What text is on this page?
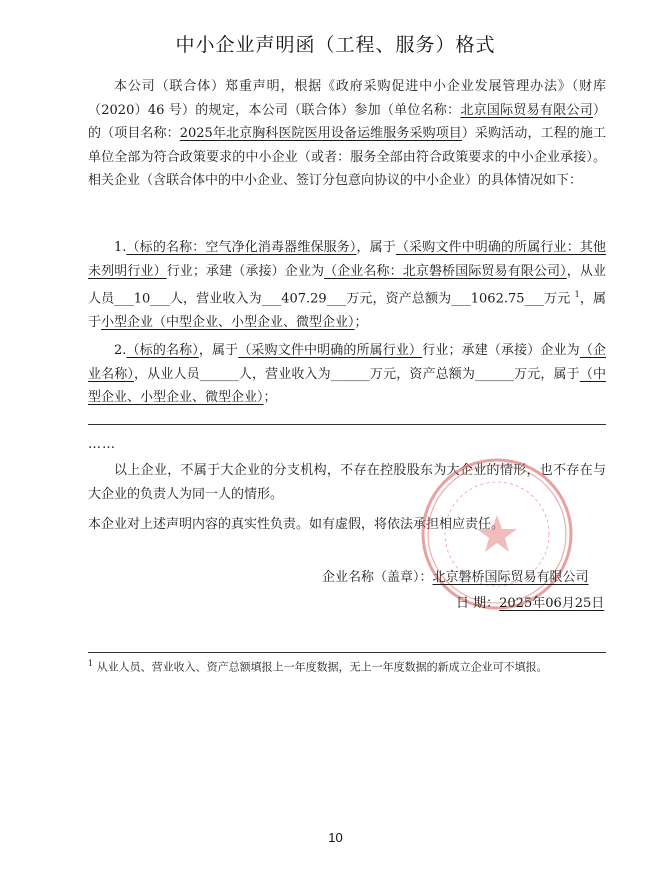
中小企业声明函（工程、服务）格式
本公司（联合体）郑重声明，根据《政府采购促进中小企业发展管理办法》（财库（2020）46 号）的规定，本公司（联合体）参加（单位名称：北京国际贸易有限公司）的（项目名称：2025年北京胸科医院医用设备运维服务采购项目）采购活动，工程的施工单位全部为符合政策要求的中小企业（或者：服务全部由符合政策要求的中小企业承接）。相关企业（含联合体中的中小企业、签订分包意向协议的中小企业）的具体情况如下：
1.（标的名称：空气净化消毒器维保服务），属于（采购文件中明确的所属行业：其他未列明行业）行业；承建（承接）企业为（企业名称：北京磐桥国际贸易有限公司），从业人员___10___人，营业收入为___407.29___万元，资产总额为___1062.75___万元 $^1$，属于小型企业（中型企业、小型企业、微型企业）；
2.（标的名称），属于（采购文件中明确的所属行业）行业；承建（承接）企业为（企业名称），从业人员______人，营业收入为______万元，资产总额为______万元，属于（中型企业、小型企业、微型企业）；
……
以上企业，不属于大企业的分支机构，不存在控股股东为大企业的情形，也不存在与大企业的负责人为同一人的情形。
本企业对上述声明内容的真实性负责。如有虚假，将依法承担相应责任。
企业名称（盖章）：北京磐桥国际贸易有限公司
日 期：2025年06月25日
$^1$ 从业人员、营业收入、资产总额填报上一年度数据，无上一年度数据的新成立企业可不填报。
10
